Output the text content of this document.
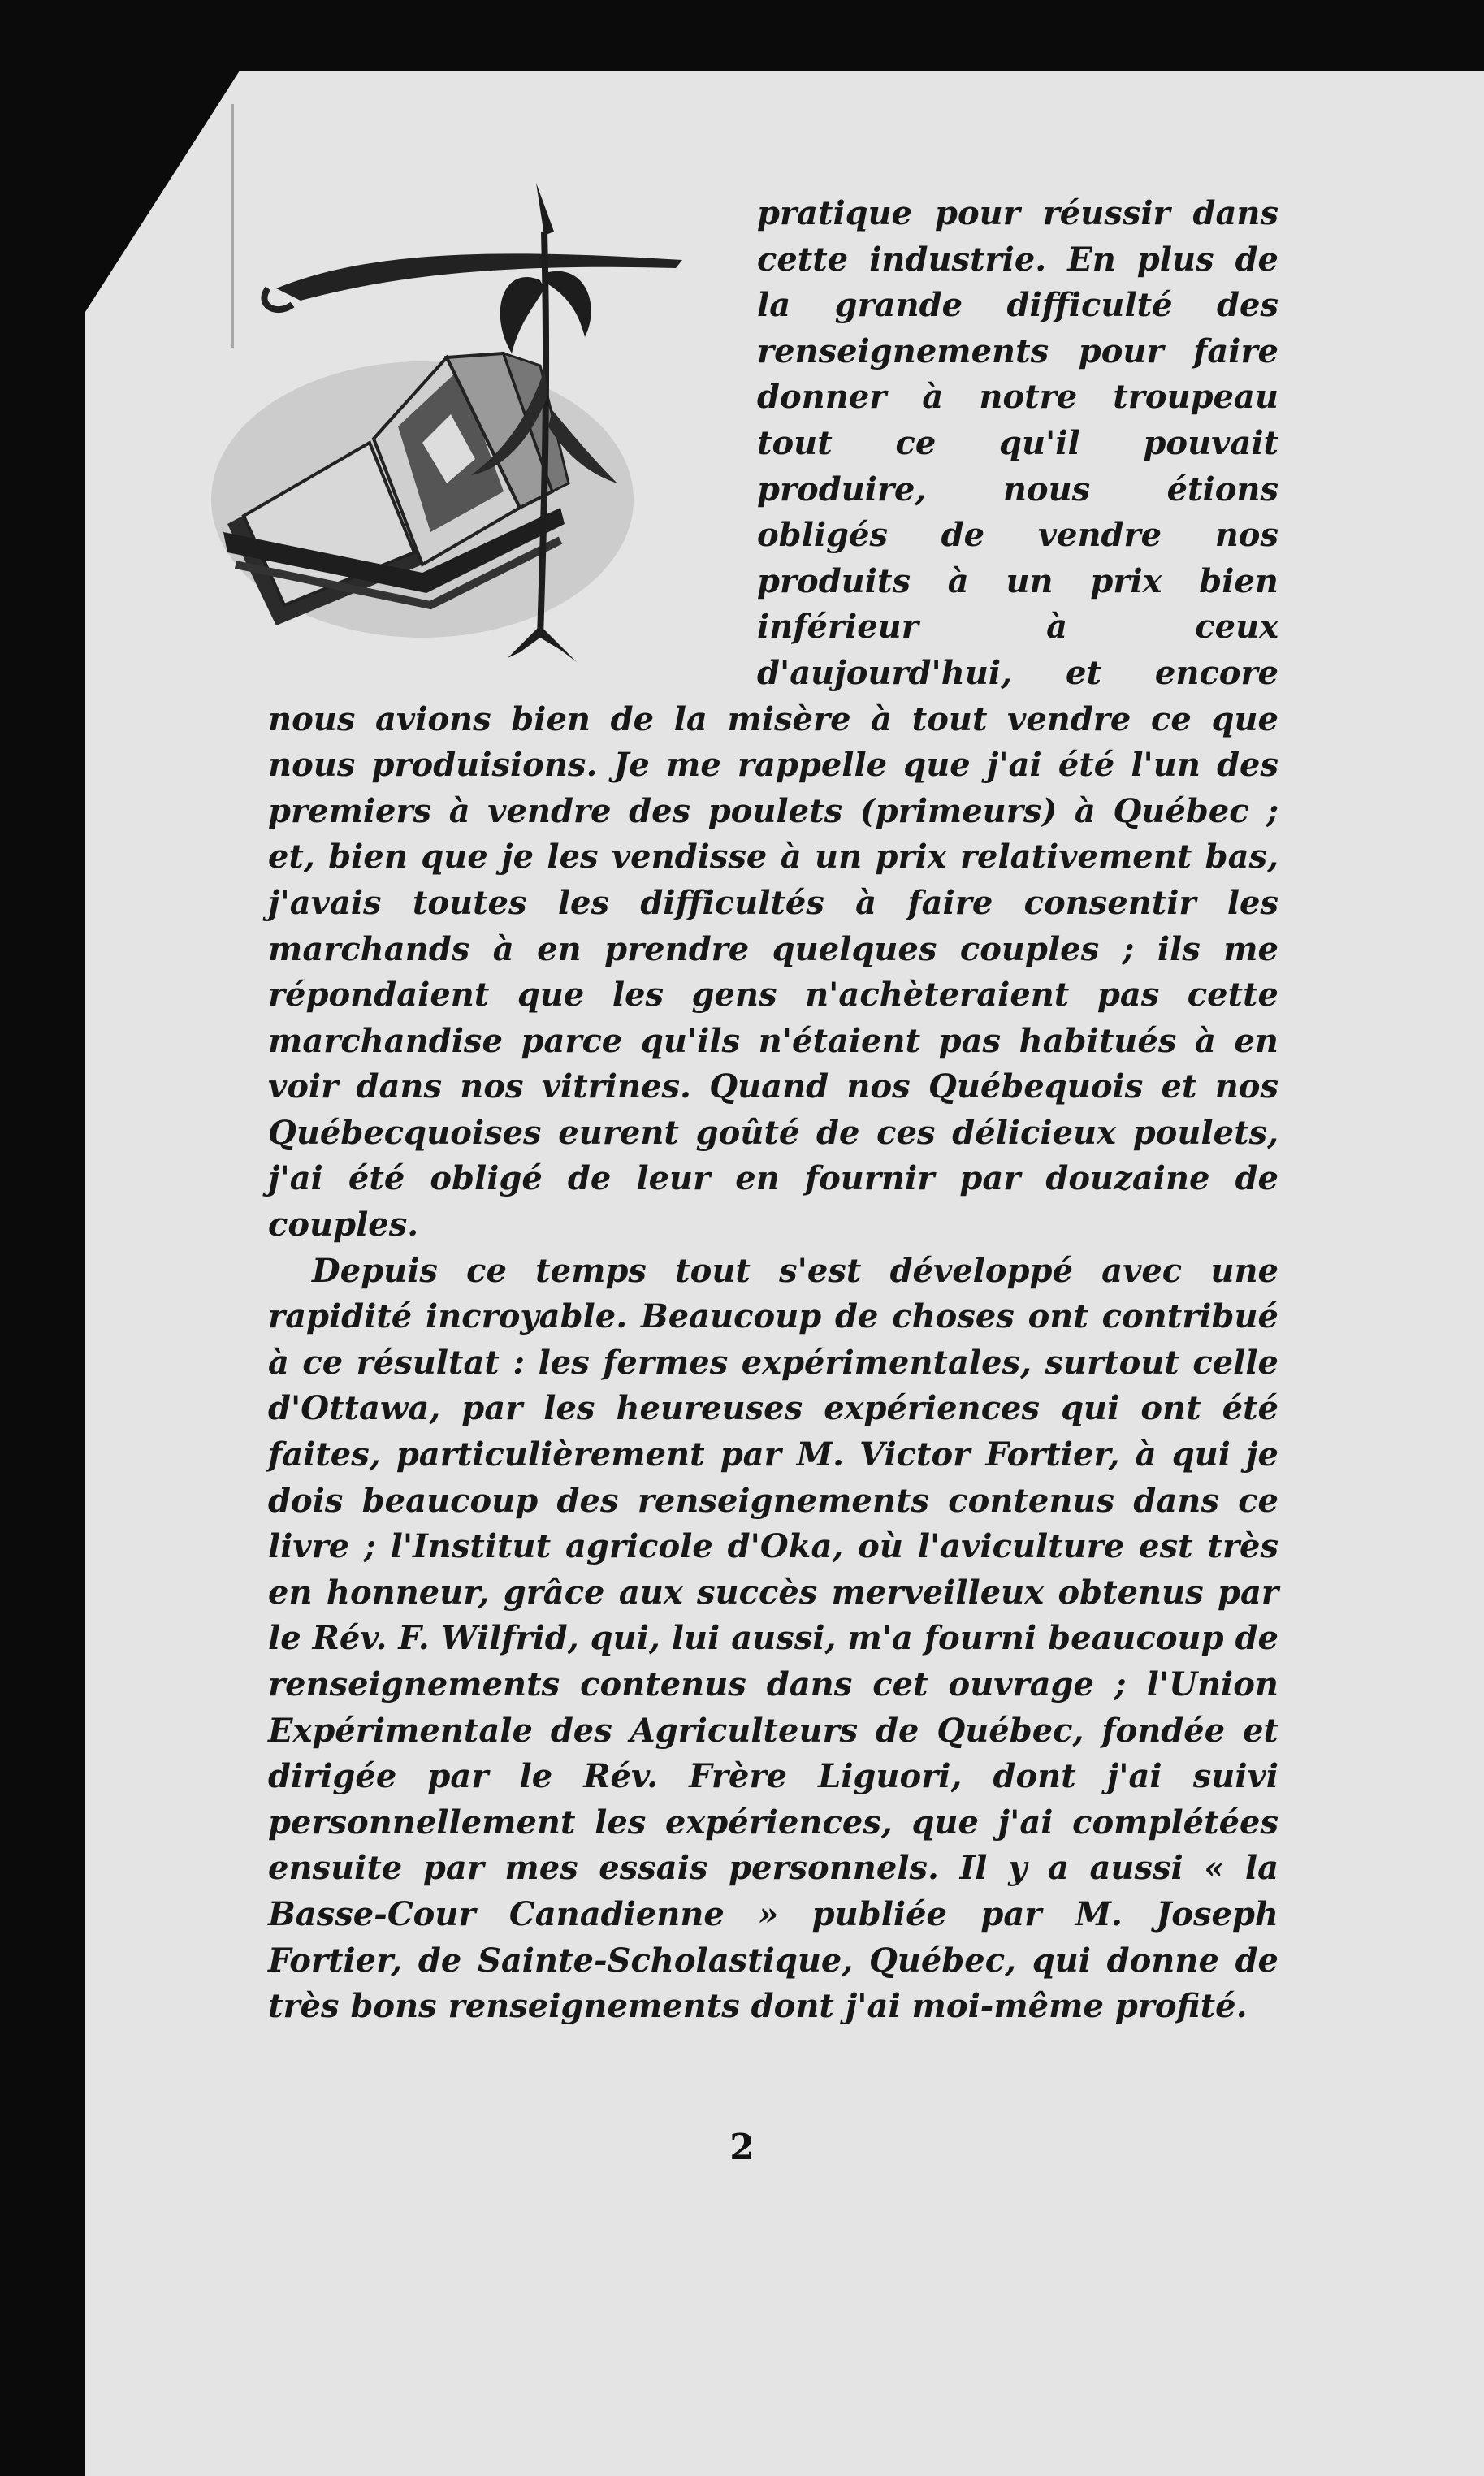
pratique pour réussir dans cette industrie. En plus de la grande difficulté des renseignements pour faire donner à notre troupeau tout ce qu'il pouvait produire, nous étions obligés de vendre nos produits à un prix bien inférieur à ceux d'aujourd'hui, et encore nous avions bien de la misère à tout vendre ce que nous produisions. Je me rappelle que j'ai été l'un des premiers à vendre des poulets (primeurs) à Québec ; et, bien que je les vendisse à un prix relativement bas, j'avais toutes les difficultés à faire consentir les marchands à en prendre quelques couples ; ils me répondaient que les gens n'achèteraient pas cette marchandise parce qu'ils n'étaient pas habitués à en voir dans nos vitrines. Quand nos Québequois et nos Québecquoises eurent goûté de ces délicieux poulets, j'ai été obligé de leur en fournir par douzaine de couples.

Depuis ce temps tout s'est développé avec une rapidité incroyable. Beaucoup de choses ont contribué à ce résultat : les fermes expérimentales, surtout celle d'Ottawa, par les heureuses expériences qui ont été faites, particulièrement par M. Victor Fortier, à qui je dois beaucoup des renseignements contenus dans ce livre ; l'Institut agricole d'Oka, où l'aviculture est très en honneur, grâce aux succès merveilleux obtenus par le Rév. F. Wilfrid, qui, lui aussi, m'a fourni beaucoup de renseignements contenus dans cet ouvrage ; l'Union Expérimentale des Agriculteurs de Québec, fondée et dirigée par le Rév. Frère Liguori, dont j'ai suivi personnellement les expériences, que j'ai complétées ensuite par mes essais personnels. Il y a aussi « la Basse-Cour Canadienne » publiée par M. Joseph Fortier, de Sainte-Scholastique, Québec, qui donne de très bons renseignements dont j'ai moi-même profité.

2
